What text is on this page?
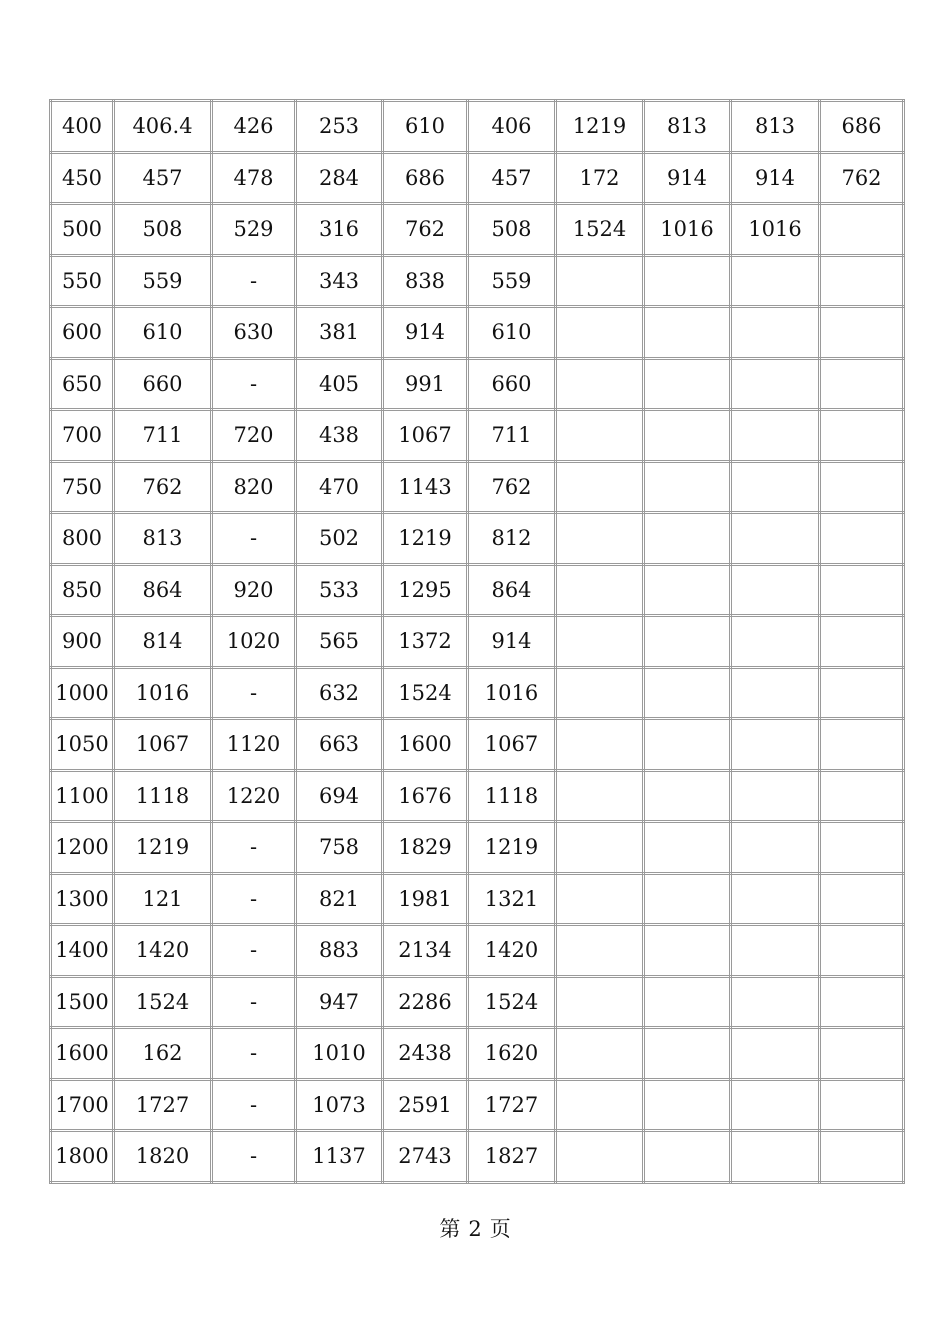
400	406.4	426	253	610	406	1219	813	813	686
450	457	478	284	686	457	172	914	914	762
500	508	529	316	762	508	1524	1016	1016	
550	559	-	343	838	559				
600	610	630	381	914	610				
650	660	-	405	991	660				
700	711	720	438	1067	711				
750	762	820	470	1143	762				
800	813	-	502	1219	812				
850	864	920	533	1295	864				
900	814	1020	565	1372	914				
1000	1016	-	632	1524	1016				
1050	1067	1120	663	1600	1067				
1100	1118	1220	694	1676	1118				
1200	1219	-	758	1829	1219				
1300	121	-	821	1981	1321				
1400	1420	-	883	2134	1420				
1500	1524	-	947	2286	1524				
1600	162	-	1010	2438	1620				
1700	1727	-	1073	2591	1727				
1800	1820	-	1137	2743	1827				
第 2 页
